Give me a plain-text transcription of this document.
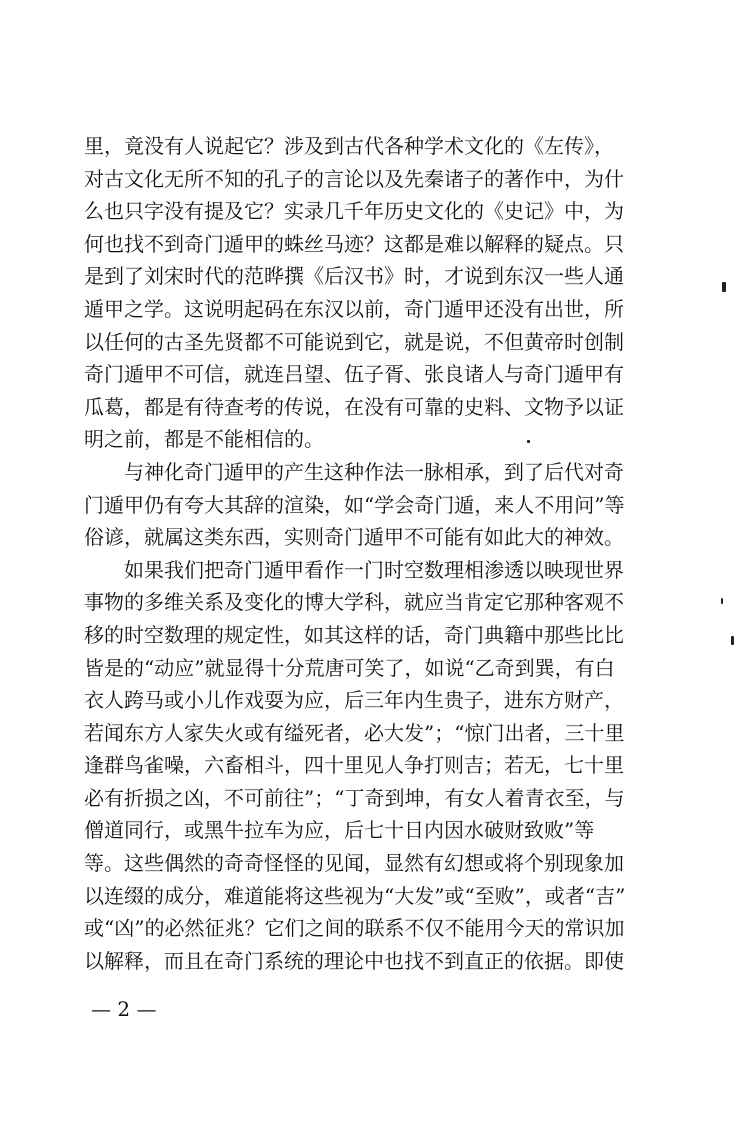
里，竟没有人说起它？涉及到古代各种学术文化的《左传》，
对古文化无所不知的孔子的言论以及先秦诸子的著作中，为什
么也只字没有提及它？实录几千年历史文化的《史记》中，为
何也找不到奇门遁甲的蛛丝马迹？这都是难以解释的疑点。只
是到了刘宋时代的范晔撰《后汉书》时，才说到东汉一些人通
遁甲之学。这说明起码在东汉以前，奇门遁甲还没有出世，所
以任何的古圣先贤都不可能说到它，就是说，不但黄帝时创制
奇门遁甲不可信，就连吕望、伍子胥、张良诸人与奇门遁甲有
瓜葛，都是有待查考的传说，在没有可靠的史料、文物予以证
明之前，都是不能相信的。
与神化奇门遁甲的产生这种作法一脉相承，到了后代对奇
门遁甲仍有夸大其辞的渲染，如“学会奇门遁，来人不用问”等
俗谚，就属这类东西，实则奇门遁甲不可能有如此大的神效。
如果我们把奇门遁甲看作一门时空数理相渗透以映现世界
事物的多维关系及变化的博大学科，就应当肯定它那种客观不
移的时空数理的规定性，如其这样的话，奇门典籍中那些比比
皆是的“动应”就显得十分荒唐可笑了，如说“乙奇到巽，有白
衣人跨马或小儿作戏耍为应，后三年内生贵子，进东方财产，
若闻东方人家失火或有缢死者，必大发”；“惊门出者，三十里
逢群鸟雀噪，六畜相斗，四十里见人争打则吉；若无，七十里
必有折损之凶，不可前往”；“丁奇到坤，有女人着青衣至，与
僧道同行，或黑牛拉车为应，后七十日内因水破财致败”等
等。这些偶然的奇奇怪怪的见闻，显然有幻想或将个别现象加
以连缀的成分，难道能将这些视为“大发”或“至败”，或者“吉”
或“凶”的必然征兆？它们之间的联系不仅不能用今天的常识加
以解释，而且在奇门系统的理论中也找不到直正的依据。即使
— 2 —
